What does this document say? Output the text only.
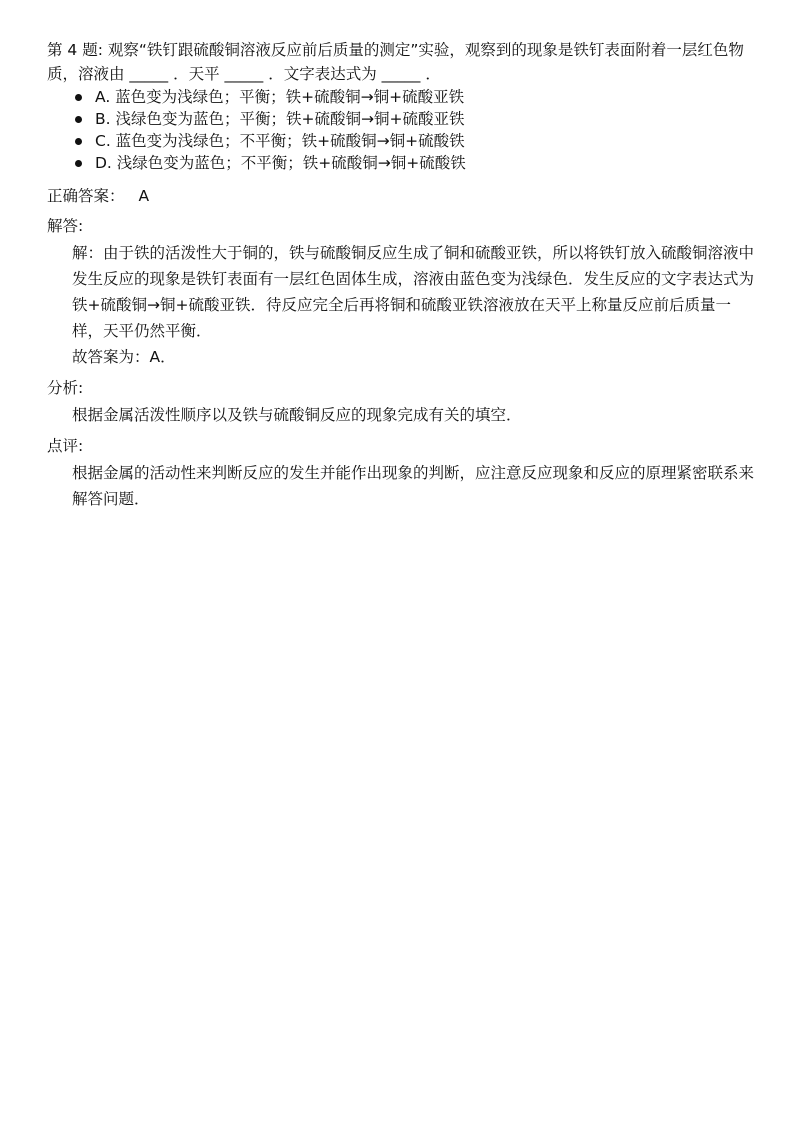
第 4 题: 观察“铁钉跟硫酸铜溶液反应前后质量的测定”实验，观察到的现象是铁钉表面附着一层红色物质，溶液由 _____ ．天平 _____ ．文字表达式为 _____ ．

A. 蓝色变为浅绿色；平衡；铁+硫酸铜→铜+硫酸亚铁
B. 浅绿色变为蓝色；平衡；铁+硫酸铜→铜+硫酸亚铁
C. 蓝色变为浅绿色；不平衡；铁+硫酸铜→铜+硫酸铁
D. 浅绿色变为蓝色；不平衡；铁+硫酸铜→铜+硫酸铁

正确答案： A

解答:

解：由于铁的活泼性大于铜的，铁与硫酸铜反应生成了铜和硫酸亚铁，所以将铁钉放入硫酸铜溶液中发生反应的现象是铁钉表面有一层红色固体生成，溶液由蓝色变为浅绿色．发生反应的文字表达式为铁+硫酸铜→铜+硫酸亚铁．待反应完全后再将铜和硫酸亚铁溶液放在天平上称量反应前后质量一样，天平仍然平衡．

故答案为：A．

分析:

根据金属活泼性顺序以及铁与硫酸铜反应的现象完成有关的填空．

点评:

根据金属的活动性来判断反应的发生并能作出现象的判断，应注意反应现象和反应的原理紧密联系来解答问题．
